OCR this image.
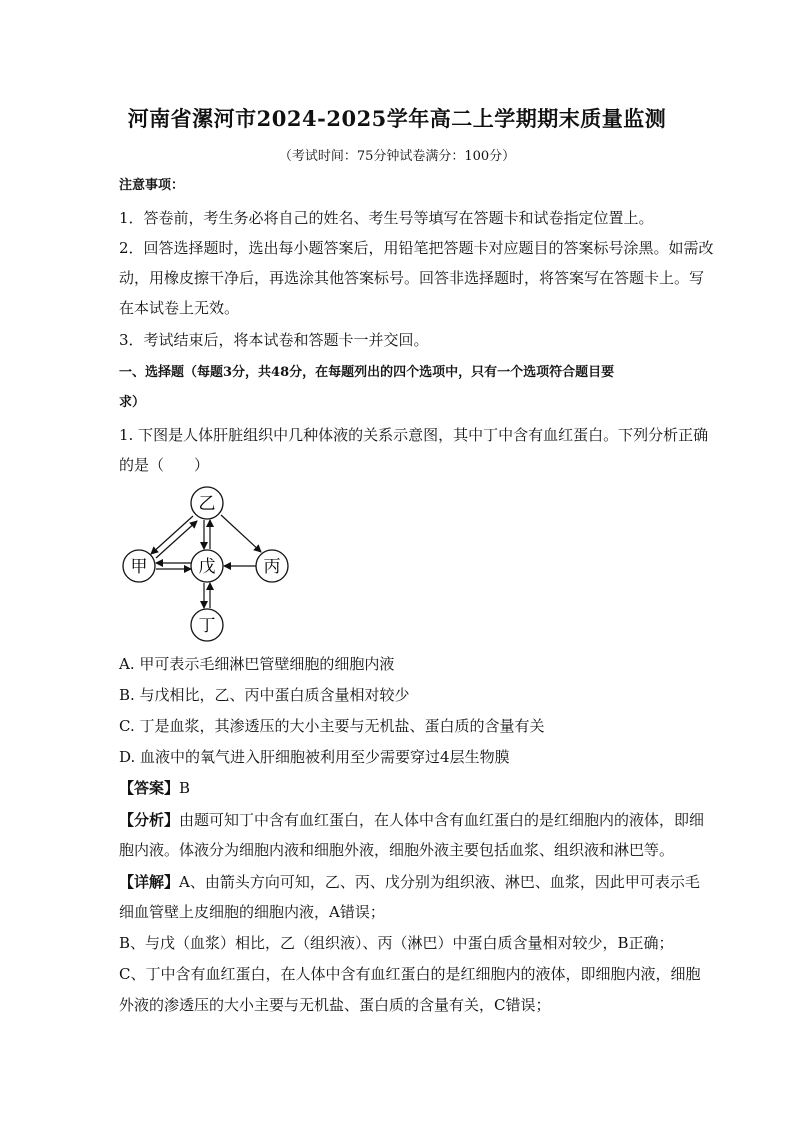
河南省漯河市2024-2025学年高二上学期期末质量监测
（考试时间：75分钟试卷满分：100分）
注意事项：
1．答卷前，考生务必将自己的姓名、考生号等填写在答题卡和试卷指定位置上。
2．回答选择题时，选出每小题答案后，用铅笔把答题卡对应题目的答案标号涂黑。如需改
动，用橡皮擦干净后，再选涂其他答案标号。回答非选择题时，将答案写在答题卡上。写
在本试卷上无效。
3．考试结束后，将本试卷和答题卡一并交回。
一、选择题（每题3分，共48分，在每题列出的四个选项中，只有一个选项符合题目要
求）
1. 下图是人体肝脏组织中几种体液的关系示意图，其中丁中含有血红蛋白。下列分析正确
的是（　　）
乙
甲	戊	丙
丁
A. 甲可表示毛细淋巴管壁细胞的细胞内液
B. 与戊相比，乙、丙中蛋白质含量相对较少
C. 丁是血浆，其渗透压的大小主要与无机盐、蛋白质的含量有关
D. 血液中的氧气进入肝细胞被利用至少需要穿过4层生物膜
【答案】B
【分析】由题可知丁中含有血红蛋白，在人体中含有血红蛋白的是红细胞内的液体，即细
胞内液。体液分为细胞内液和细胞外液，细胞外液主要包括血浆、组织液和淋巴等。
【详解】A、由箭头方向可知，乙、丙、戊分别为组织液、淋巴、血浆，因此甲可表示毛
细血管壁上皮细胞的细胞内液，A错误；
B、与戊（血浆）相比，乙（组织液）、丙（淋巴）中蛋白质含量相对较少，B正确；
C、丁中含有血红蛋白，在人体中含有血红蛋白的是红细胞内的液体，即细胞内液，细胞
外液的渗透压的大小主要与无机盐、蛋白质的含量有关，C错误；
